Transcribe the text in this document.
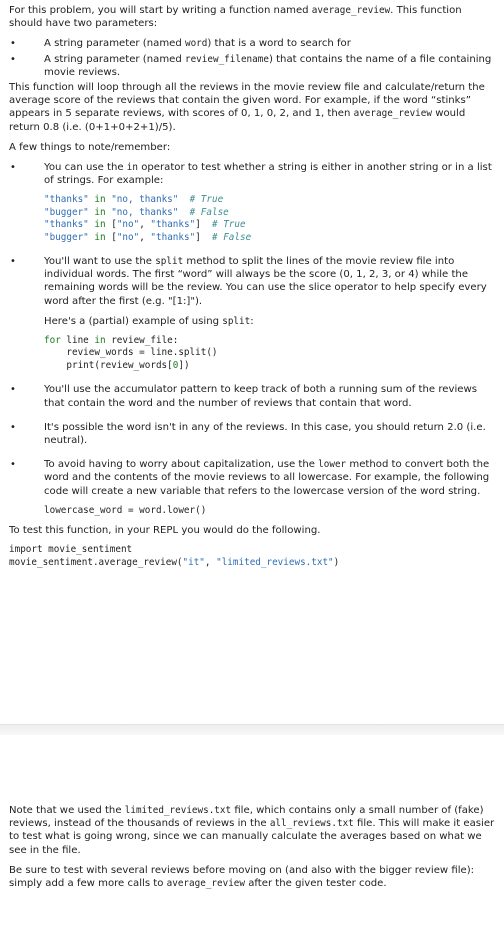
For this problem, you will start by writing a function named average_review. This function should have two parameters:

• A string parameter (named word) that is a word to search for
• A string parameter (named review_filename) that contains the name of a file containing movie reviews.

This function will loop through all the reviews in the movie review file and calculate/return the average score of the reviews that contain the given word. For example, if the word “stinks” appears in 5 separate reviews, with scores of 0, 1, 0, 2, and 1, then average_review would return 0.8 (i.e. (0+1+0+2+1)/5).

A few things to note/remember:

• You can use the in operator to test whether a string is either in another string or in a list of strings. For example:
"thanks" in "no, thanks" # True
"bugger" in "no, thanks" # False
"thanks" in ["no", "thanks"] # True
"bugger" in ["no", "thanks"] # False

• You'll want to use the split method to split the lines of the movie review file into individual words. The first “word” will always be the score (0, 1, 2, 3, or 4) while the remaining words will be the review. You can use the slice operator to help specify every word after the first (e.g. "[1:]").

Here's a (partial) example of using split:

for line in review_file:
review_words = line.split()
print(review_words[0])
• You'll use the accumulator pattern to keep track of both a running sum of the reviews that contain the word and the number of reviews that contain that word.
• It's possible the word isn't in any of the reviews. In this case, you should return 2.0 (i.e. neutral).
• To avoid having to worry about capitalization, use the lower method to convert both the word and the contents of the movie reviews to all lowercase. For example, the following code will create a new variable that refers to the lowercase version of the word string.
lowercase_word = word.lower()

To test this function, in your REPL you would do the following.

import movie_sentiment
movie_sentiment.average_review("it", "limited_reviews.txt")

Note that we used the limited_reviews.txt file, which contains only a small number of (fake) reviews, instead of the thousands of reviews in the all_reviews.txt file. This will make it easier to test what is going wrong, since we can manually calculate the averages based on what we see in the file.

Be sure to test with several reviews before moving on (and also with the bigger review file): simply add a few more calls to average_review after the given tester code.
